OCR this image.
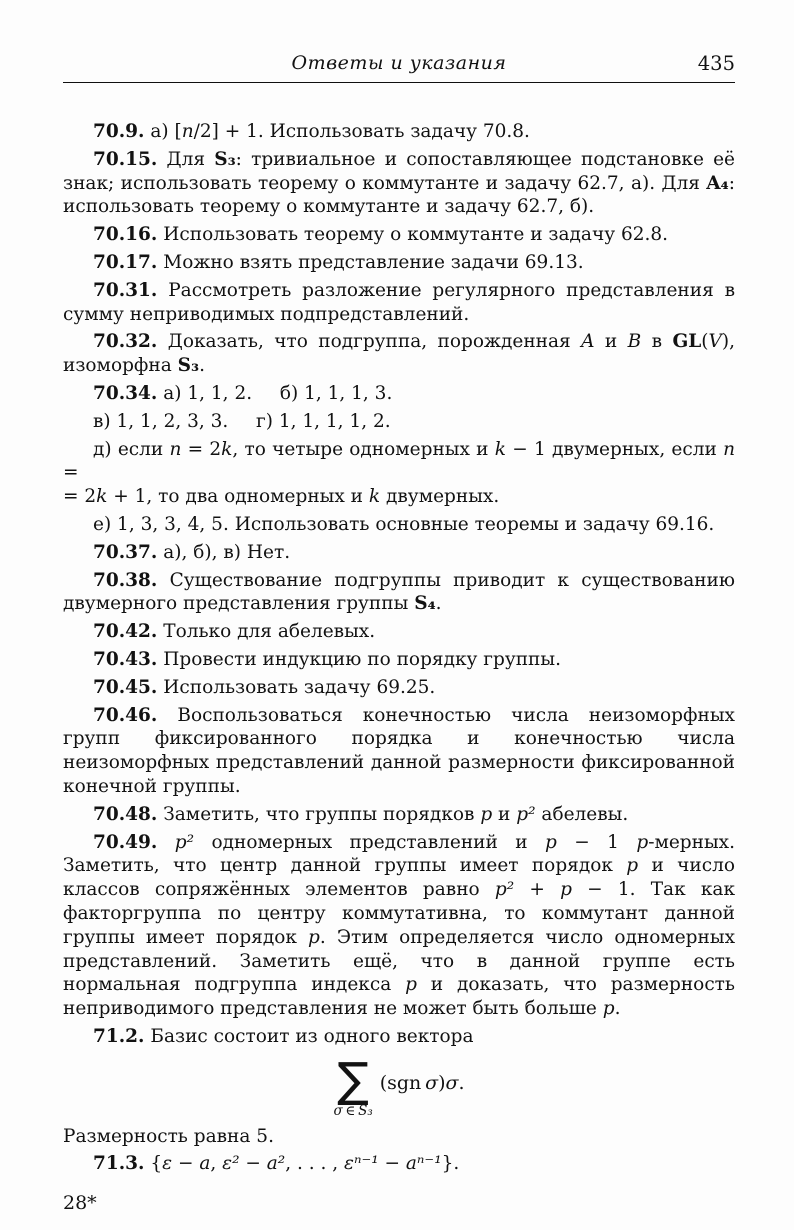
Ответы и указания	435

70.9. а) [n/2] + 1. Использовать задачу 70.8.

70.15. Для S₃: тривиальное и сопоставляющее подстановке её знак; использовать теорему о коммутанте и задачу 62.7, а). Для A₄: использовать теорему о коммутанте и задачу 62.7, б).

70.16. Использовать теорему о коммутанте и задачу 62.8.

70.17. Можно взять представление задачи 69.13.

70.31. Рассмотреть разложение регулярного представления в сумму неприводимых подпредставлений.

70.32. Доказать, что подгруппа, порожденная A и B в GL(V), изоморфна S₃.

70.34. а) 1, 1, 2.   б) 1, 1, 1, 3.

в) 1, 1, 2, 3, 3.   г) 1, 1, 1, 1, 2.

д) если n = 2k, то четыре одномерных и k − 1 двумерных, если n =

= 2k + 1, то два одномерных и k двумерных.

е) 1, 3, 3, 4, 5. Использовать основные теоремы и задачу 69.16.

70.37. а), б), в) Нет.

70.38. Существование подгруппы приводит к существованию двумерного представления группы S₄.

70.42. Только для абелевых.

70.43. Провести индукцию по порядку группы.

70.45. Использовать задачу 69.25.

70.46. Воспользоваться конечностью числа неизоморфных групп фиксированного порядка и конечностью числа неизоморфных представлений данной размерности фиксированной конечной группы.

70.48. Заметить, что группы порядков p и p² абелевы.

70.49. p² одномерных представлений и p − 1 p-мерных. Заметить, что центр данной группы имеет порядок p и число классов сопряжённых элементов равно p² + p − 1. Так как факторгруппа по центру коммутативна, то коммутант данной группы имеет порядок p. Этим определяется число одномерных представлений. Заметить ещё, что в данной группе есть нормальная подгруппа индекса p и доказать, что размерность неприводимого представления не может быть больше p.

71.2. Базис состоит из одного вектора

∑
σ ∈ S₃
(sgn σ)σ.

Размерность равна 5.

71.3. {ε − a, ε² − a², . . . , εⁿ⁻¹ − aⁿ⁻¹}.

28*
